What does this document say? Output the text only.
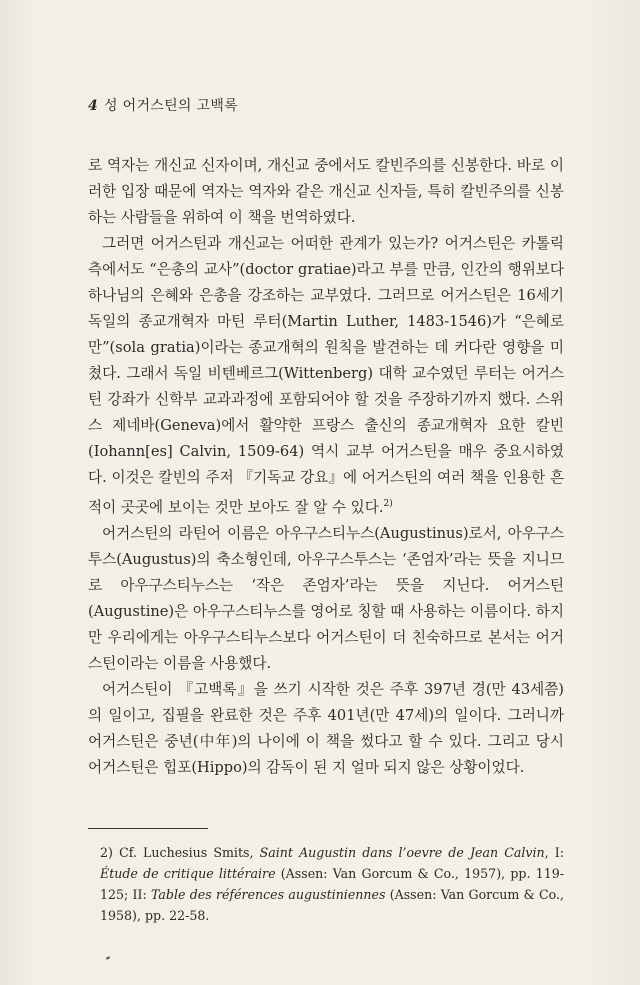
4 성 어거스틴의 고백록

로 역자는 개신교 신자이며, 개신교 중에서도 칼빈주의를 신봉한다. 바로 이러한 입장 때문에 역자는 역자와 같은 개신교 신자들, 특히 칼빈주의를 신봉하는 사람들을 위하여 이 책을 번역하였다.

그러면 어거스틴과 개신교는 어떠한 관계가 있는가? 어거스틴은 카톨릭 측에서도 “은총의 교사”(doctor gratiae)라고 부를 만큼, 인간의 행위보다 하나님의 은혜와 은총을 강조하는 교부였다. 그러므로 어거스틴은 16세기 독일의 종교개혁자 마틴 루터(Martin Luther, 1483-1546)가 “은혜로만”(sola gratia)이라는 종교개혁의 원칙을 발견하는 데 커다란 영향을 미쳤다. 그래서 독일 비텐베르그(Wittenberg) 대학 교수였던 루터는 어거스틴 강좌가 신학부 교과과정에 포함되어야 할 것을 주장하기까지 했다. 스위스 제네바(Geneva)에서 활약한 프랑스 출신의 종교개혁자 요한 칼빈(Iohann[es] Calvin, 1509-64) 역시 교부 어거스틴을 매우 중요시하였다. 이것은 칼빈의 주저 『기독교 강요』에 어거스틴의 여러 책을 인용한 흔적이 곳곳에 보이는 것만 보아도 잘 알 수 있다.$^{2)}$

어거스틴의 라틴어 이름은 아우구스티누스(Augustinus)로서, 아우구스투스(Augustus)의 축소형인데, 아우구스투스는 ‘존엄자’라는 뜻을 지니므로 아우구스티누스는 ‘작은 존엄자’라는 뜻을 지닌다. 어거스틴(Augustine)은 아우구스티누스를 영어로 칭할 때 사용하는 이름이다. 하지만 우리에게는 아우구스티누스보다 어거스틴이 더 친숙하므로 본서는 어거스틴이라는 이름을 사용했다.

어거스틴이 『고백록』을 쓰기 시작한 것은 주후 397년 경(만 43세쯤)의 일이고, 집필을 완료한 것은 주후 401년(만 47세)의 일이다. 그러니까 어거스틴은 중년(中年)의 나이에 이 책을 썼다고 할 수 있다. 그리고 당시 어거스틴은 힙포(Hippo)의 감독이 된 지 얼마 되지 않은 상황이었다.

2) Cf. Luchesius Smits, Saint Augustin dans l’oevre de Jean Calvin, I: Étude de critique littéraire (Assen: Van Gorcum & Co., 1957), pp. 119-125; II: Table des références augustiniennes (Assen: Van Gorcum & Co., 1958), pp. 22-58.
